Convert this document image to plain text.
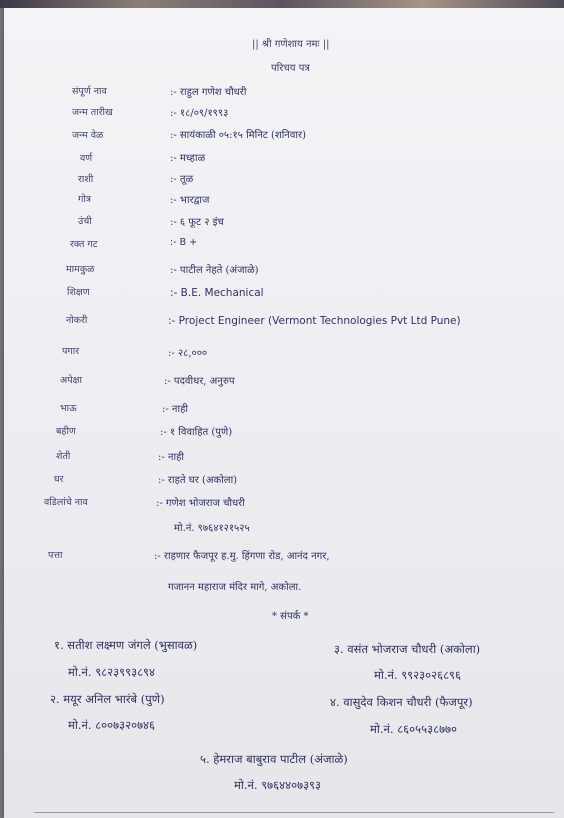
|| श्री गणेशाय नमः ||
परिचय पत्र
संपूर्ण नाव	:- राहुल गणेश चौधरी
जन्म तारीख	:- १८/०९/१९९३
जन्म वेळ	:- सायंकाळी ०५:१५ मिनिट (शनिवार)
वर्ण	:- मध्हाळ
राशी	:- तूळ
गोत्र	:- भारद्वाज
उंची	:- ६ फूट २ इंच
रक्त गट	:- B +
मामकुळ	:- पाटील नेहते (अंजाळे)
शिक्षण	:- B.E. Mechanical
नोकरी	:- Project Engineer (Vermont Technologies Pvt Ltd Pune)
पगार	:- २८,०००
अपेक्षा	:- पदवीधर, अनुरुप
भाऊ	:- नाही
बहीण	:- १ विवाहित (पुणे)
शेती	:- नाही
घर	:- राहते घर (अकोला)
वडिलांचे नाव	:- गणेश भोजराज चौधरी
मो.नं. ९७६४१२१५२५
पत्ता	:- राहणार फैजपूर ह.मु. हिंगणा रोड, आनंद नगर,
गजानन महाराज मंदिर मागे, अकोला.
* संपर्क *
१. सतीश लक्ष्मण जंगले (भुसावळ)
मो.नं. ९८२३९९३८९४
२. मयूर अनिल भारंबे (पुणे)
मो.नं. ८००७३२०७४६
३. वसंत भोजराज चौधरी (अकोला)
मो.नं. ९९२३०२६८९६
४. वासुदेव किशन चौधरी (फैजपूर)
मो.नं. ८६०५५३८७७०
५. हेमराज बाबुराव पाटील (अंजाळे)
मो.नं. ९७६४४०७३९३
